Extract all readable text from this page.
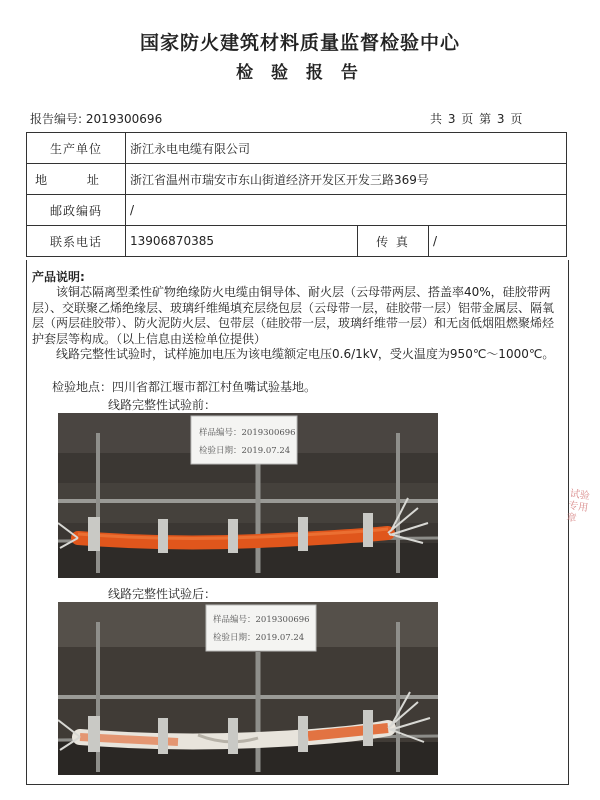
国家防火建筑材料质量监督检验中心
检 验 报 告
报告编号: 2019300696	共 3 页 第 3 页
生产单位	浙江永电电缆有限公司		
地 址	浙江省温州市瑞安市东山街道经济开发区开发三路369号		
邮政编码	/		
联系电话	13906870385	传 真	/
产品说明:

该铜芯隔离型柔性矿物绝缘防火电缆由铜导体、耐火层（云母带两层、搭盖率40%，硅胶带两层）、交联聚乙烯绝缘层、玻璃纤维绳填充层绕包层（云母带一层，硅胶带一层）铝带金属层、隔氧层（两层硅胶带）、防火泥防火层、包带层（硅胶带一层，玻璃纤维带一层）和无卤低烟阻燃聚烯烃护套层等构成。（以上信息由送检单位提供）

线路完整性试验时，试样施加电压为该电缆额定电压0.6/1kV，受火温度为950℃～1000℃。

检验地点：四川省都江堰市都江村鱼嘴试验基地。
线路完整性试验前：
样品编号：2019300696
检验日期：2019.07.24
线路完整性试验后：
样品编号：2019300696
检验日期：2019.07.24
试验专用章
